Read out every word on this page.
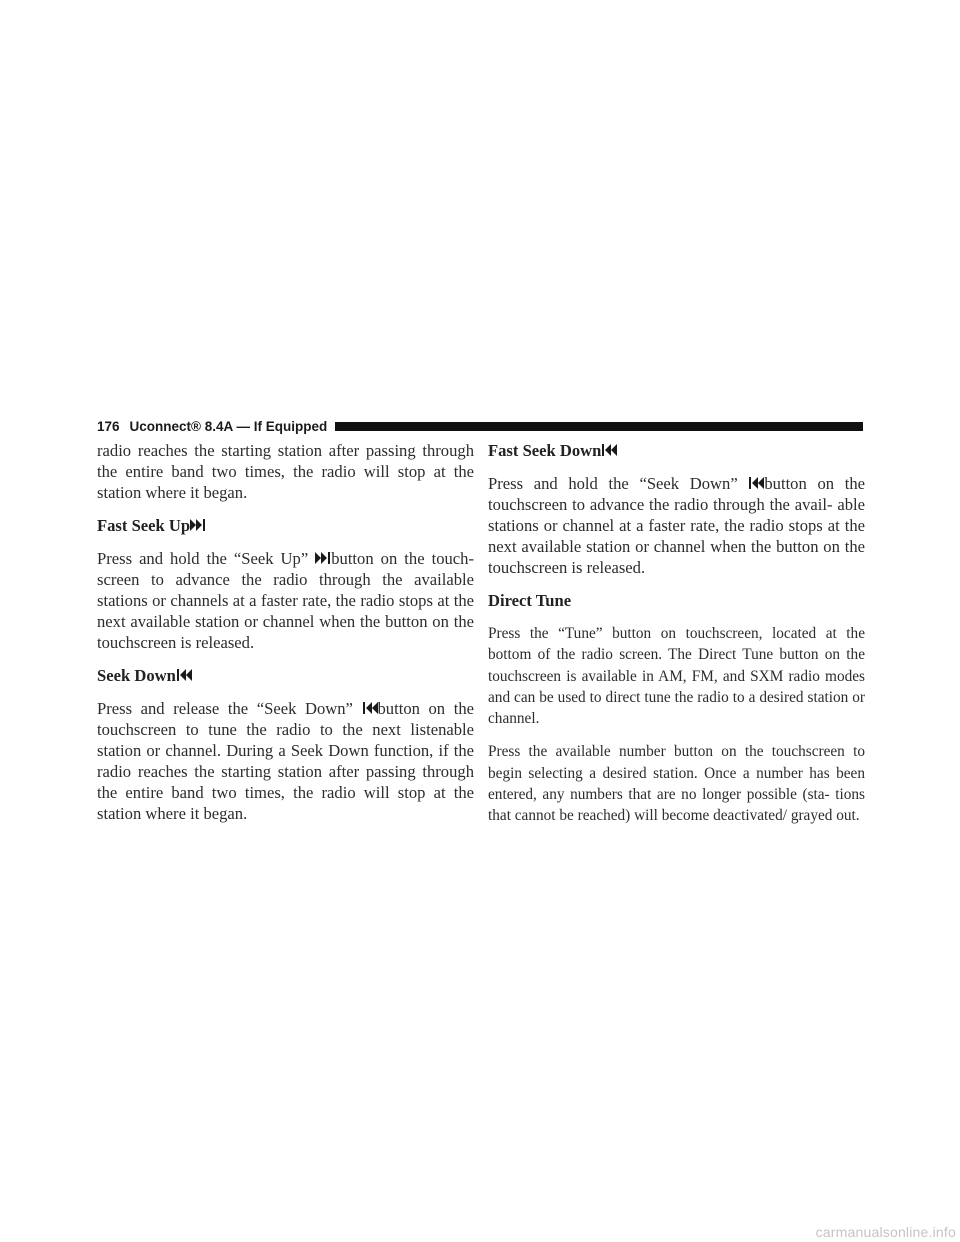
176 Uconnect® 8.4A — If Equipped

radio reaches the starting station after passing through the entire band two times, the radio will stop at the station where it began.

Fast Seek Up

Press and hold the “Seek Up”
button on the touch- screen to advance the radio through the available stations or channels at a faster rate, the radio stops at the next available station or channel when the button on the touchscreen is released.

Seek Down

Press and release the “Seek Down”
button on the touchscreen to tune the radio to the next listenable station or channel. During a Seek Down function, if the radio reaches the starting station after passing through the entire band two times, the radio will stop at the station where it began.

Fast Seek Down

Press and hold the “Seek Down”
button on the touchscreen to advance the radio through the avail- able stations or channel at a faster rate, the radio stops at the next available station or channel when the button on the touchscreen is released.

Direct Tune

Press the “Tune” button on touchscreen, located at the bottom of the radio screen. The Direct Tune button on the touchscreen is available in AM, FM, and SXM radio modes and can be used to direct tune the radio to a desired station or channel.

Press the available number button on the touchscreen to begin selecting a desired station. Once a number has been entered, any numbers that are no longer possible (sta- tions that cannot be reached) will become deactivated/ grayed out.

carmanualsonline.info
